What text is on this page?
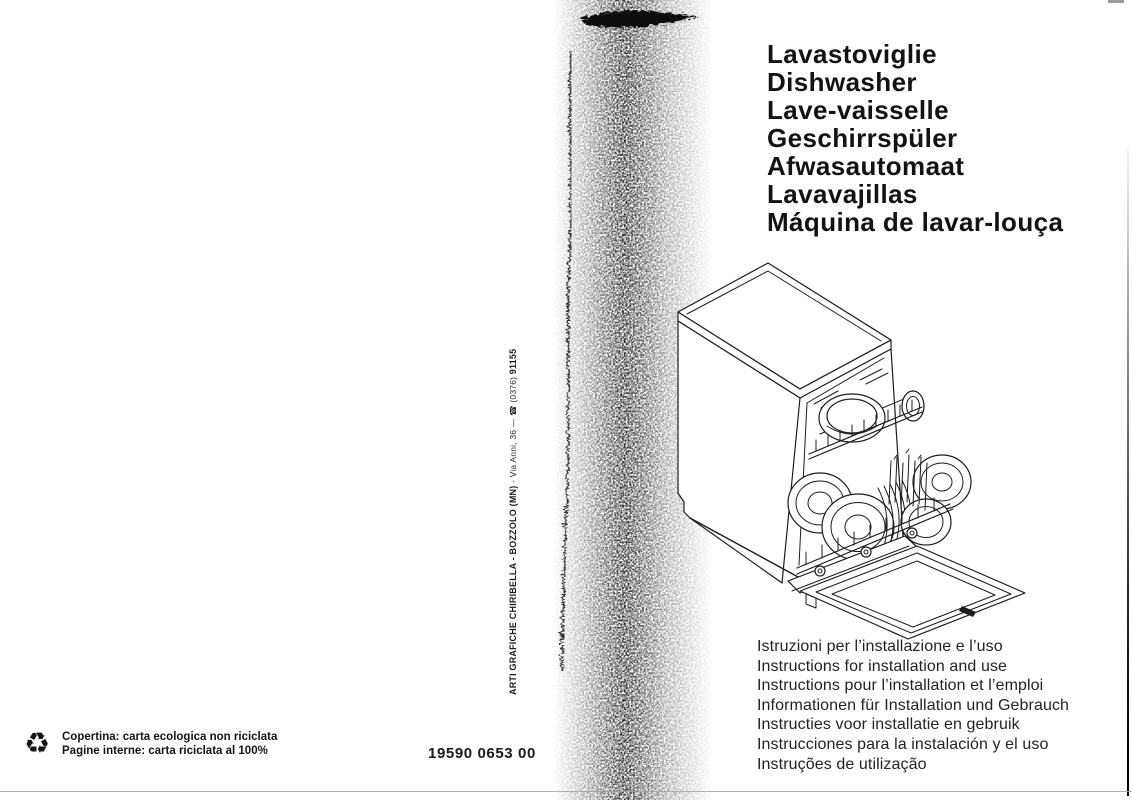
ARTI GRAFICHE CHIRIBELLA - BOZZOLO (MN) - Via Anni, 36 — ☎ (0376) 91155
Lavastoviglie
Dishwasher
Lave-vaisselle
Geschirrspüler
Afwasautomaat
Lavavajillas
Máquina de lavar-louça
Istruzioni per l’installazione e l’uso
Instructions for installation and use
Instructions pour l’installation et l’emploi
Informationen für Installation und Gebrauch
Instructies voor installatie en gebruik
Instrucciones para la instalación y el uso
Instruções de utilização
19590 0653 00
♻	Copertina: carta ecologica non riciclata
Pagine interne: carta riciclata al 100%
